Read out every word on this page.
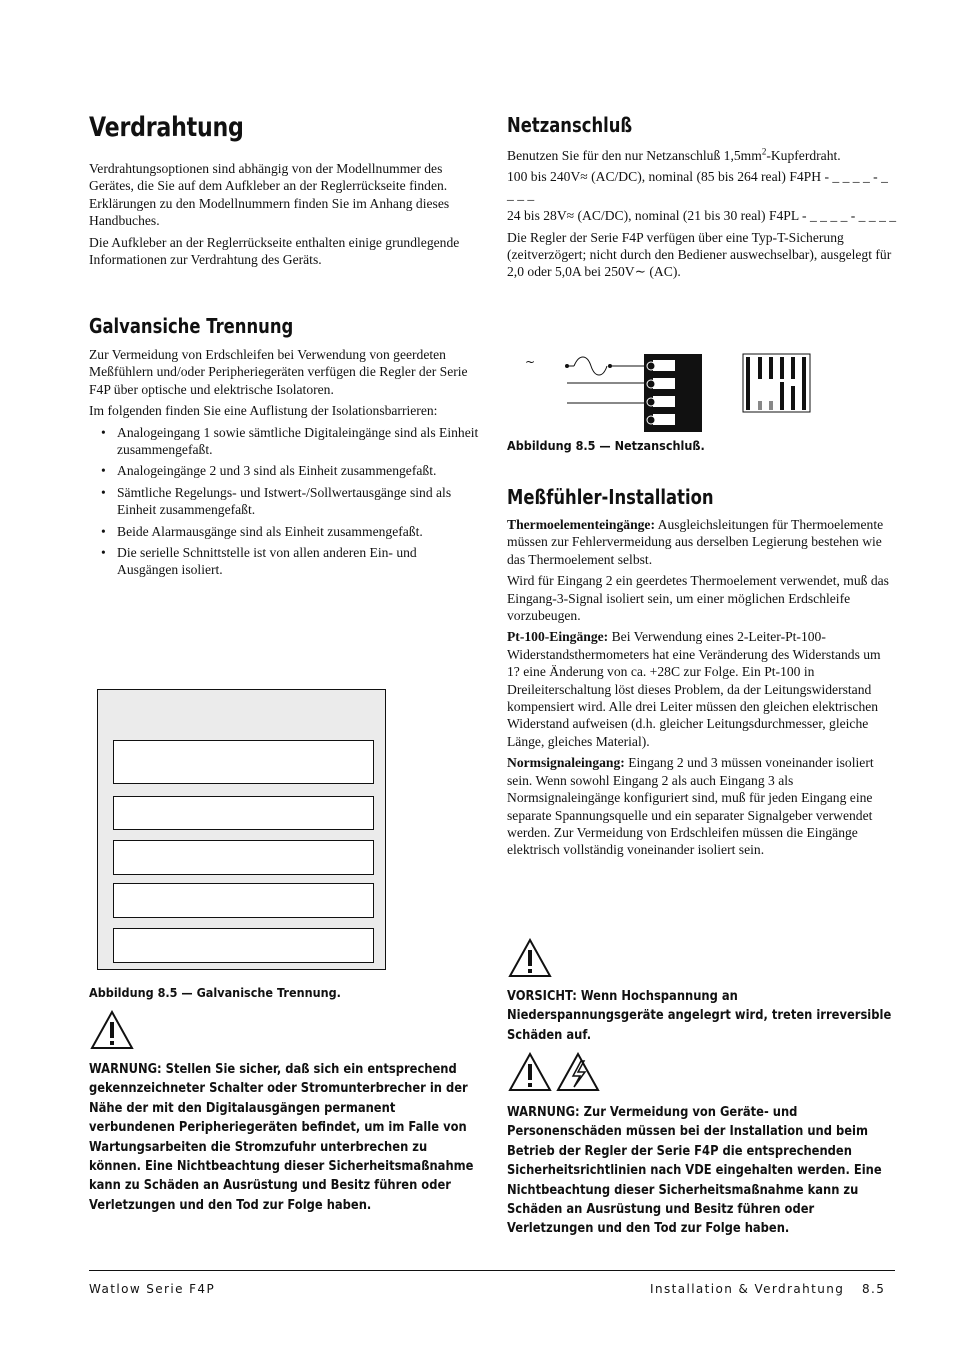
Verdrahtung

Verdrahtungsoptionen sind abhängig von der Modellnummer des Gerätes, die Sie auf dem Aufkleber an der Reglerrückseite finden. Erklärungen zu den Modellnummern finden Sie im Anhang dieses Handbuches.

Die Aufkleber an der Reglerrückseite enthalten einige grundlegende Informationen zur Verdrahtung des Geräts.

Galvansiche Trennung

Zur Vermeidung von Erdschleifen bei Verwendung von geerdeten Meßfühlern und/oder Peripheriegeräten verfügen die Regler der Serie F4P über optische und elektrische Isolatoren.

Im folgenden finden Sie eine Auflistung der Isolationsbarrieren:

• Analogeingang 1 sowie sämtliche Digitaleingänge sind als Einheit zusammengefaßt.
• Analogeingänge 2 und 3 sind als Einheit zusammengefaßt.
• Sämtliche Regelungs- und Istwert-/Sollwertausgänge sind als Einheit zusammengefaßt.
• Beide Alarmausgänge sind als Einheit zusammengefaßt.
• Die serielle Schnittstelle ist von allen anderen Ein- und Ausgängen isoliert.
Abbildung 8.5 — Galvanische Trennung.
WARNUNG: Stellen Sie sicher, daß sich ein entsprechend gekennzeichneter Schalter oder Stromunterbrecher in der Nähe der mit den Digitalausgängen permanent verbundenen Peripheriegeräten befindet, um im Falle von Wartungsarbeiten die Stromzufuhr unterbrechen zu können. Eine Nichtbeachtung dieser Sicherheitsmaßnahme kann zu Schäden an Ausrüstung und Besitz führen oder Verletzungen und den Tod zur Folge haben.
Netzanschluß

Benutzen Sie für den nur Netzanschluß $1,5mm^2$-Kupferdraht.

100 bis 240V≈ (AC/DC), nominal (85 bis 264 real) F4PH - _ _ _ _ - _ _ _ _

24 bis 28V≈ (AC/DC), nominal (21 bis 30 real) F4PL - _ _ _ _ - _ _ _ _

Die Regler der Serie F4P verfügen über eine Typ-T-Sicherung (zeitverzögert; nicht durch den Bediener auswechselbar), ausgelegt für 2,0 oder 5,0A bei 250V∼ (AC).

~
Abbildung 8.5 — Netzanschluß.
Meßfühler-Installation

Thermoelementeingänge: Ausgleichsleitungen für Thermoelemente müssen zur Fehlervermeidung aus derselben Legierung bestehen wie das Thermoelement selbst.

Wird für Eingang 2 ein geerdetes Thermoelement verwendet, muß das Eingang-3-Signal isoliert sein, um einer möglichen Erdschleife vorzubeugen.

Pt-100-Eingänge: Bei Verwendung eines 2-Leiter-Pt-100-Widerstandsthermometers hat eine Veränderung des Widerstands um 1? eine Änderung von ca. +28C zur Folge. Ein Pt-100 in Dreileiterschaltung löst dieses Problem, da der Leitungswiderstand kompensiert wird. Alle drei Leiter müssen den gleichen elektrischen Widerstand aufweisen (d.h. gleicher Leitungsdurchmesser, gleiche Länge, gleiches Material).

Normsignaleingang: Eingang 2 und 3 müssen voneinander isoliert sein. Wenn sowohl Eingang 2 als auch Eingang 3 als Normsignaleingänge konfiguriert sind, muß für jeden Eingang eine separate Spannungsquelle und ein separater Signalgeber verwendet werden. Zur Vermeidung von Erdschleifen müssen die Eingänge elektrisch vollständig voneinander isoliert sein.

VORSICHT: Wenn Hochspannung an Niederspannungsgeräte angelegrt wird, treten irreversible Schäden auf.
WARNUNG: Zur Vermeidung von Geräte- und Personenschäden müssen bei der Installation und beim Betrieb der Regler der Serie F4P die entsprechenden Sicherheitsrichtlinien nach VDE eingehalten werden. Eine Nichtbeachtung dieser Sicherheitsmaßnahme kann zu Schäden an Ausrüstung und Besitz führen oder Verletzungen und den Tod zur Folge haben.
Watlow Serie F4P	Installation & Verdrahtung 8.5
